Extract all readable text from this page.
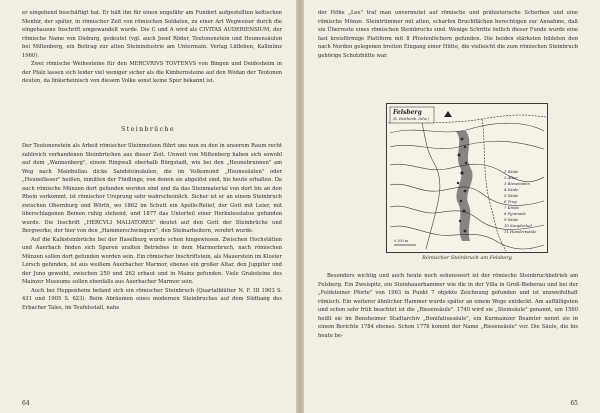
er eingehend beschäftigt hat. Er hält ihn für einen ungefähr am Fundort aufgestellten keltischen Menhir, der später, in römischer Zeit von römischen Soldaten, zu einer Art Wegweiser durch die eingehauene Inschrift umgewandelt wurde. Die C und A wird als CIVITAS AUDERIENSIUM, der römische Name von Dieburg, gedeutet (vgl. auch Josef Röder, Toutonenstein und Heunensäulen bei Miltenberg, ein Beitrag zur alten Steinindustrie am Untermain. Verlag Lüfleben, Kallmünz 1960).

Zwei römische Weihesteine für den MERCVRIVS TOVTENVS von Bingen und Deidesheim in der Pfalz lassen sich leider viel weniger sicher als die Kimbernsteine auf den Wodan der Teutonen deuten, da linksrheinisch von diesem Volke sonst keine Spur bekannt ist.

Steinbrüche

Der Toutonenstein als Arbeit römischer Steinmetzen führt uns nun zu den in unserem Raum recht zahlreich vorhandenen Steinbrüchen aus dieser Zeit. Unweit von Miltenberg haben sich sowohl auf dem „Wannenberg", einem Ringwall oberhalb Bürgstadt, wie bei den „Heunebrunnen" am Weg nach Mainbullau dicke Sandsteinsäulen, die im Volksmund „Heunesäulen" oder „Heunefässer" heißen, inmitten der Findlinge, von denen sie abgelöst sind, bis heute erhalten. Da auch römische Münzen dort gefunden worden sind und da das Steinmaterial von dort bis an den Rhein vorkommt, ist römischer Ursprung sehr wahrscheinlich. Sicher ist er an einem Steinbruch zwischen Obernburg und Wörth, wo 1862 im Schutt ein Apollo-Relief, der Gott mit Leier, mit überschlagenen Beinen ruhig stehend, und 1877 das Unterteil einer Herkulesstatue gefunden wurde. Die Inschrift „HERCVLI MALIATORES" deutet auf den Gott der Steinbrüche und Bergwerke, der hier von den „Hammerschwingern", den Steinarbeitern, verehrt wurde.

Auf die Kalksteinbrüche bei der Haselburg wurde schon hingewiesen. Zwischen Hochstätten und Auerbach finden sich Spuren uralten Betriebes in dem Marmorbruch, nach römischen Münzen sollen dort gefunden worden sein. Ein römischer Inschriftstein, als Mauerstein im Kloster Lorsch gefunden, ist aus weißem Auerbacher Marmor, ebenso ein großer Altar, den Juppiter und der Juno geweiht, zwischen 250 und 262 erbaut und in Mainz gefunden. Viele Grabsteine des Mainzer Museums sollen ebenfalls aus Auerbacher Marmor sein.

Auch bei Heppenheim befand sich ein römischer Steinbruch (Quartalblätter N. F. III 1903 S. 431 und 1905 S. 623). Beim Abräumen eines modernen Steinbruches auf dem Südhang des Erbacher Tales, im Teufelsstall, nahe

64

der Höhe „Lee" traf man unvermutet auf römische und prähistorische Scherben und eine römische Münze. Steintrümmer mit alten, scharfen Bruchflächen berechtigen zur Annahme, daß sie Überreste eines römischen Steinbruchs sind. Wenige Schritte östlich dieser Funde wurde eine fast kreisförmige Plattform mit 8 Pfostenlöchern gefunden. Die beiden stärksten bildeten den nach Norden gelegenen breiten Eingang einer Hütte, die vielleicht die zum römischen Steinbruch gehörige Schutzhütte war.

Felsberg
(b. Reichenb. Odw.)
1 Säule
2 Altar
3 Riesenstein
4 Säule
5 Säule
6 Trog
7 Kriste
8 Pyramide
9 Säule
10 Sargdeckel
11 Hundertsäule
0 200 m
Römischer Steinbruch am Felsberg

Besonders wichtig und auch heute noch sehenswert ist der römische Steinbruchbetrieb am Felsberg. Ein Zweispitz, ein Steinhauerhammer wie die in der Villa in Groß-Bieberau und bei der „Feldsteiner Pforte" von 1963 in Punkt 7 objekte Zeichnung gefunden und ist unzweifelhaft römisch. Ein weiterer ähnlicher Hammer wurde später an einem Wege entdeckt. Am auffälligsten und schon sehr früh beachtet ist die „Riesensäule". 1740 wird sie „Steinsäule" genannt, um 1560 heißt sie im Bensheimer Stadtarchiv „Bonifatiussäule", ein Kurmainzer Beamter nennt sie in einem Berichte 1784 ebenso. Schon 1778 kommt der Name „Riesensäule" vor. Die Säule, die bis heute be-

65
